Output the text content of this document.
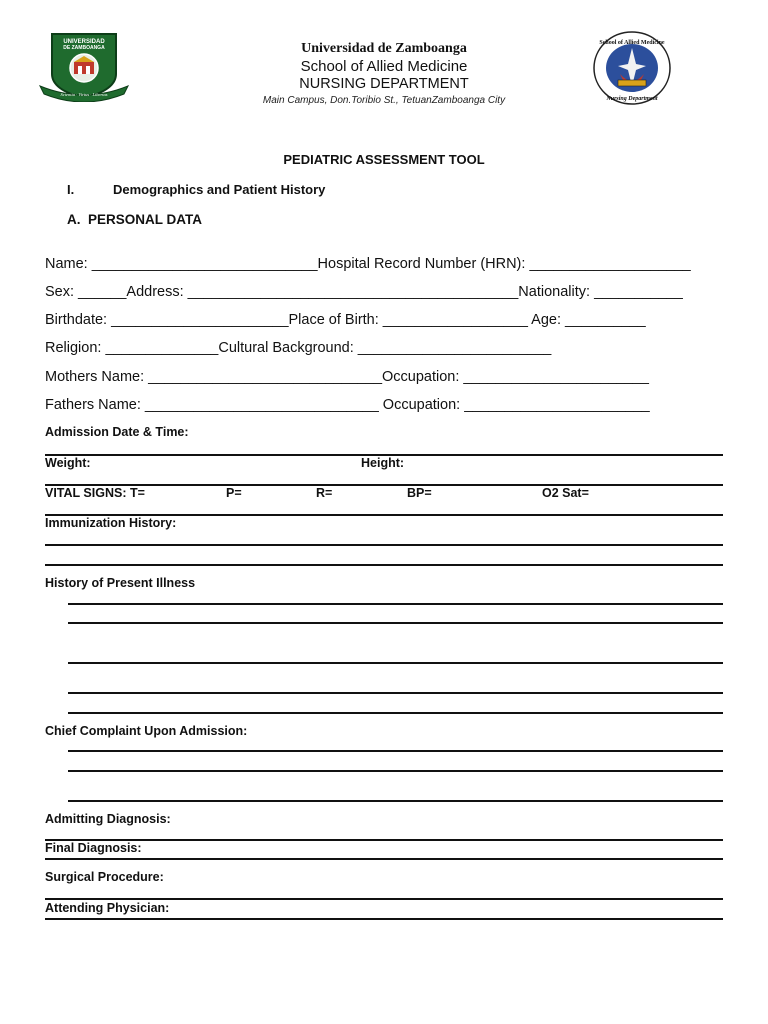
UNIVERSIDAD
DE ZAMBOANGA
Scientia · Virtus · Libertas
School of Allied Medicine
Nursing Department
Universidad de Zamboanga
School of Allied Medicine
NURSING DEPARTMENT
Main Campus, Don.Toribio St., TetuanZamboanga City
PEDIATRIC ASSESSMENT TOOL
I.	Demographics and Patient History
A.  PERSONAL DATA
Name: ____________________________Hospital Record Number (HRN): ____________________
Sex: ______Address: _________________________________________Nationality: ___________
Birthdate: ______________________Place of Birth: __________________ Age: __________
Religion: ______________Cultural Background: ________________________
Mothers Name: _____________________________Occupation: _______________________
Fathers Name: _____________________________ Occupation: _______________________
Admission Date & Time:
Weight:	Height:
VITAL SIGNS: T=	P=	R=	BP=	O2 Sat=
Immunization History:
History of Present Illness
Chief Complaint Upon Admission:
Admitting Diagnosis:
Final Diagnosis:
Surgical Procedure:
Attending Physician:
